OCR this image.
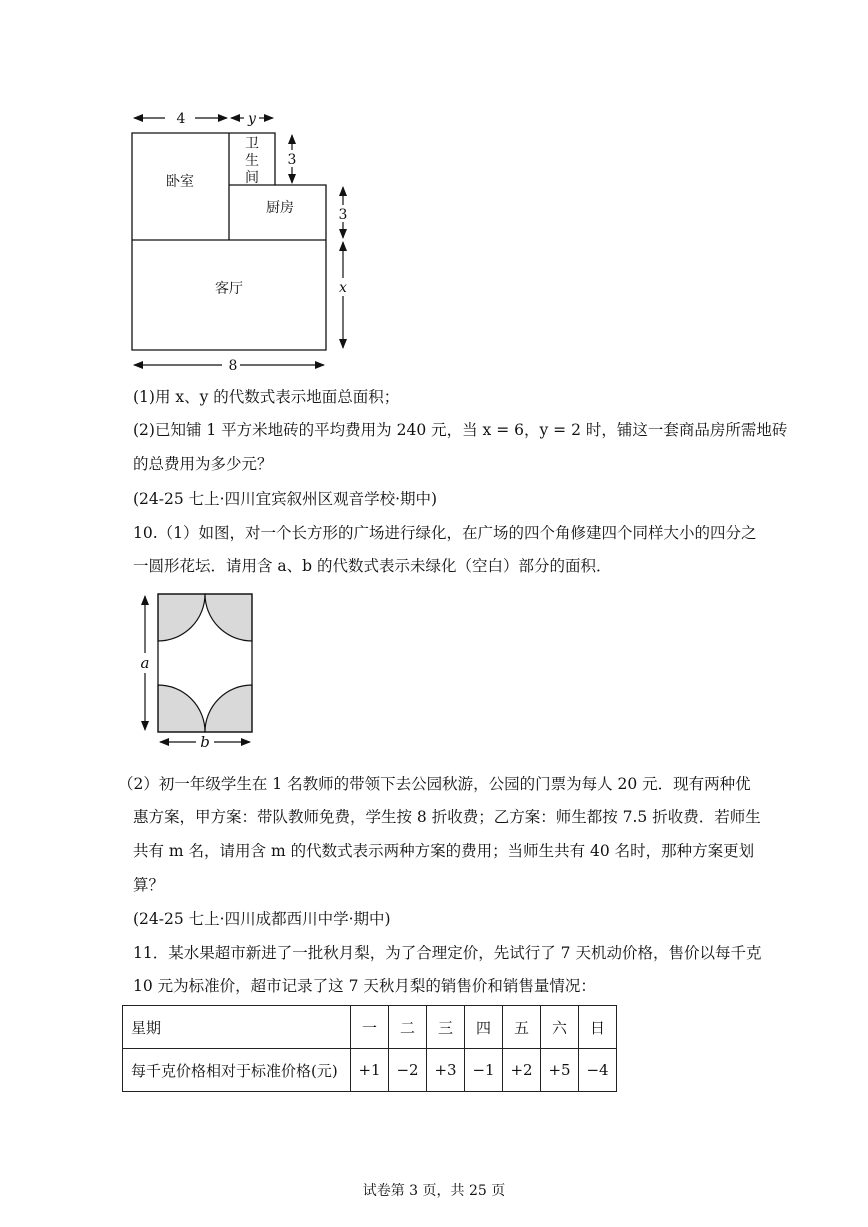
4	y
3
3
x
8
卧室
卫
生
间
厨房
客厅
(1)用 x、y 的代数式表示地面总面积；
(2)已知铺 1 平方米地砖的平均费用为 240 元，当 x = 6，y = 2 时，铺这一套商品房所需地砖
的总费用为多少元？
(24-25 七上·四川宜宾叙州区观音学校·期中)
10.（1）如图，对一个长方形的广场进行绿化，在广场的四个角修建四个同样大小的四分之
一圆形花坛．请用含 a、b 的代数式表示未绿化（空白）部分的面积．
a
b
（2）初一年级学生在 1 名教师的带领下去公园秋游，公园的门票为每人 20 元．现有两种优
惠方案，甲方案：带队教师免费，学生按 8 折收费；乙方案：师生都按 7.5 折收费．若师生
共有 m 名，请用含 m 的代数式表示两种方案的费用；当师生共有 40 名时，那种方案更划
算？
(24-25 七上·四川成都西川中学·期中)
11．某水果超市新进了一批秋月梨，为了合理定价，先试行了 7 天机动价格，售价以每千克
10 元为标准价，超市记录了这 7 天秋月梨的销售价和销售量情况：
星期	一	二	三	四	五	六	日
每千克价格相对于标准价格(元)	+1	−2	+3	−1	+2	+5	−4
试卷第 3 页，共 25 页
